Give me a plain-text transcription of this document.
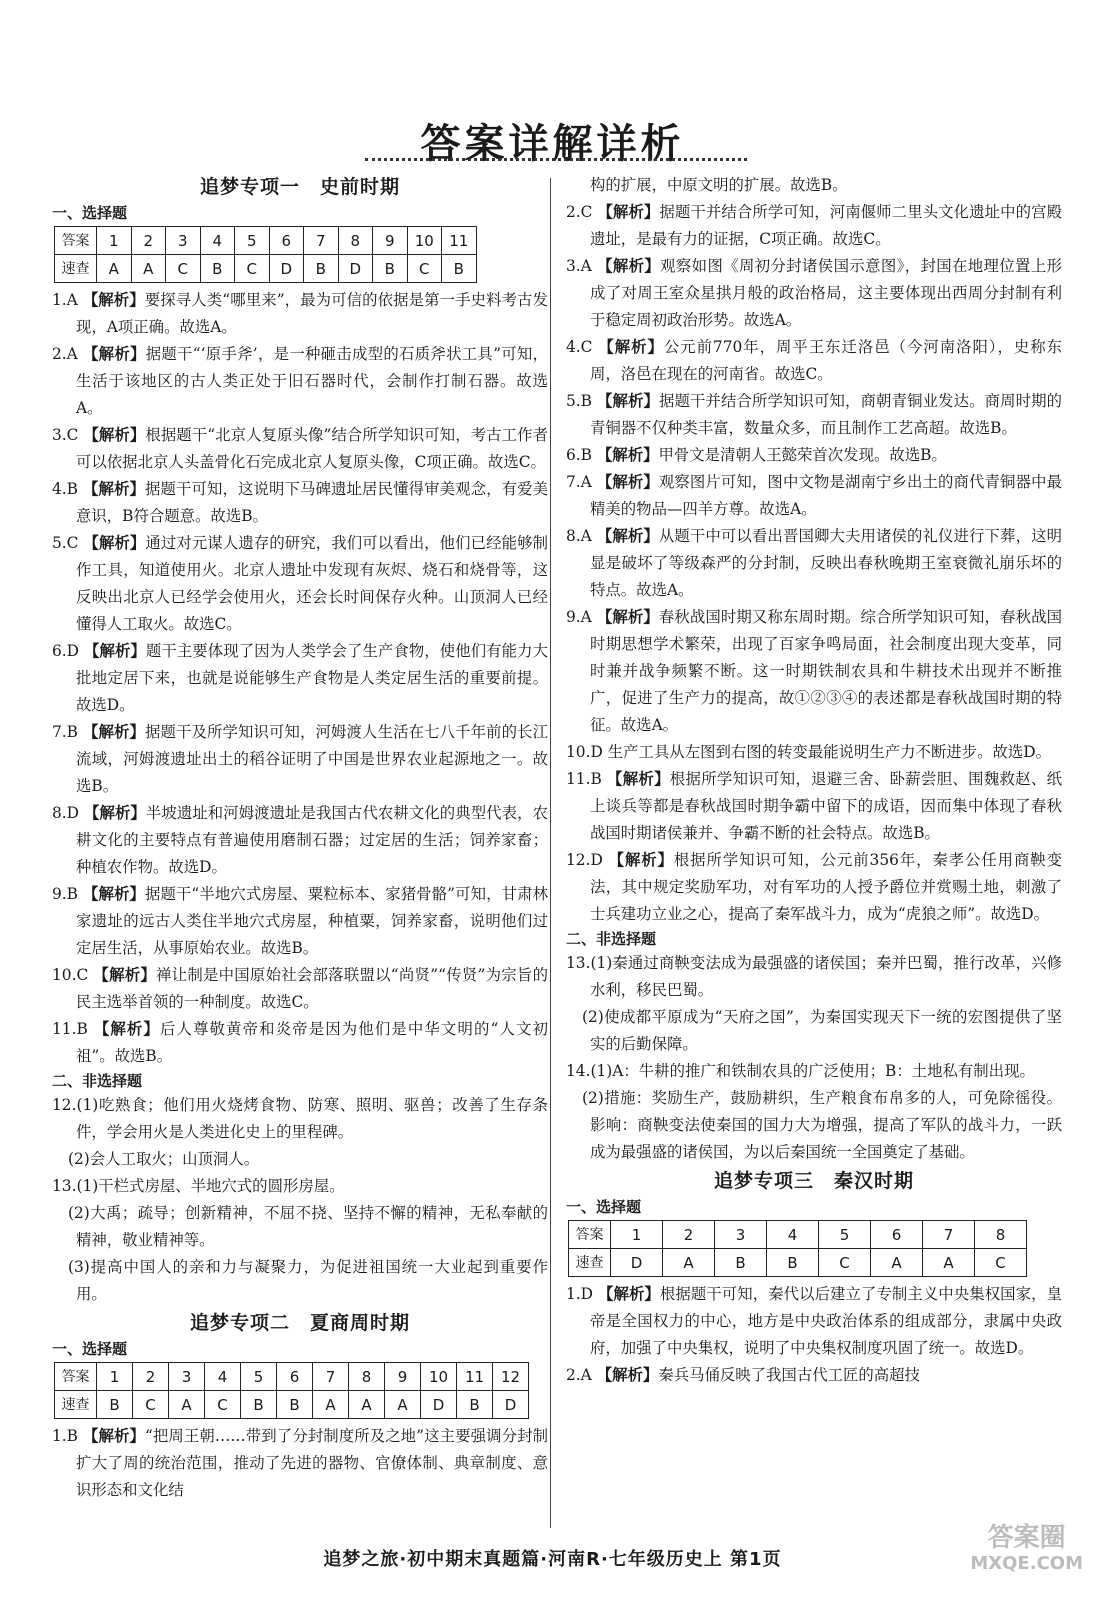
答案详解详析
追梦专项一　史前时期
一、选择题
答案	1	2	3	4	5	6	7	8	9	10	11
速查	A	A	C	B	C	D	B	D	B	C	B
1.A 【解析】要探寻人类“哪里来”，最为可信的依据是第一手史料考古发现，A项正确。故选A。
2.A 【解析】据题干“‘原手斧’，是一种砸击成型的石质斧状工具”可知，生活于该地区的古人类正处于旧石器时代，会制作打制石器。故选A。
3.C 【解析】根据题干“北京人复原头像”结合所学知识可知，考古工作者可以依据北京人头盖骨化石完成北京人复原头像，C项正确。故选C。
4.B 【解析】据题干可知，这说明下马碑遗址居民懂得审美观念，有爱美意识，B符合题意。故选B。
5.C 【解析】通过对元谋人遗存的研究，我们可以看出，他们已经能够制作工具，知道使用火。北京人遗址中发现有灰烬、烧石和烧骨等，这反映出北京人已经学会使用火，还会长时间保存火种。山顶洞人已经懂得人工取火。故选C。
6.D 【解析】题干主要体现了因为人类学会了生产食物，使他们有能力大批地定居下来，也就是说能够生产食物是人类定居生活的重要前提。故选D。
7.B 【解析】据题干及所学知识可知，河姆渡人生活在七八千年前的长江流域，河姆渡遗址出土的稻谷证明了中国是世界农业起源地之一。故选B。
8.D 【解析】半坡遗址和河姆渡遗址是我国古代农耕文化的典型代表，农耕文化的主要特点有普遍使用磨制石器；过定居的生活；饲养家畜；种植农作物。故选D。
9.B 【解析】据题干“半地穴式房屋、粟粒标本、家猪骨骼”可知，甘肃林家遗址的远古人类住半地穴式房屋，种植粟，饲养家畜，说明他们过定居生活，从事原始农业。故选B。
10.C 【解析】禅让制是中国原始社会部落联盟以“尚贤”“传贤”为宗旨的民主选举首领的一种制度。故选C。
11.B 【解析】后人尊敬黄帝和炎帝是因为他们是中华文明的“人文初祖”。故选B。
二、非选择题
12.(1)吃熟食；他们用火烧烤食物、防寒、照明、驱兽；改善了生存条件，学会用火是人类进化史上的里程碑。
(2)会人工取火；山顶洞人。
13.(1)干栏式房屋、半地穴式的圆形房屋。
(2)大禹；疏导；创新精神，不屈不挠、坚持不懈的精神，无私奉献的精神，敬业精神等。
(3)提高中国人的亲和力与凝聚力，为促进祖国统一大业起到重要作用。
追梦专项二　夏商周时期
一、选择题
答案	1	2	3	4	5	6	7	8	9	10	11	12
速查	B	C	A	C	B	B	A	A	A	D	B	D
1.B 【解析】“把周王朝……带到了分封制度所及之地”这主要强调分封制扩大了周的统治范围，推动了先进的器物、官僚体制、典章制度、意识形态和文化结
构的扩展，中原文明的扩展。故选B。
2.C 【解析】据题干并结合所学可知，河南偃师二里头文化遗址中的宫殿遗址，是最有力的证据，C项正确。故选C。
3.A 【解析】观察如图《周初分封诸侯国示意图》，封国在地理位置上形成了对周王室众星拱月般的政治格局，这主要体现出西周分封制有利于稳定周初政治形势。故选A。
4.C 【解析】公元前770年，周平王东迁洛邑（今河南洛阳），史称东周，洛邑在现在的河南省。故选C。
5.B 【解析】据题干并结合所学知识可知，商朝青铜业发达。商周时期的青铜器不仅种类丰富，数量众多，而且制作工艺高超。故选B。
6.B 【解析】甲骨文是清朝人王懿荣首次发现。故选B。
7.A 【解析】观察图片可知，图中文物是湖南宁乡出土的商代青铜器中最精美的物品—四羊方尊。故选A。
8.A 【解析】从题干中可以看出晋国卿大夫用诸侯的礼仪进行下葬，这明显是破坏了等级森严的分封制，反映出春秋晚期王室衰微礼崩乐坏的特点。故选A。
9.A 【解析】春秋战国时期又称东周时期。综合所学知识可知，春秋战国时期思想学术繁荣，出现了百家争鸣局面，社会制度出现大变革，同时兼并战争频繁不断。这一时期铁制农具和牛耕技术出现并不断推广，促进了生产力的提高，故①②③④的表述都是春秋战国时期的特征。故选A。
10.D 生产工具从左图到右图的转变最能说明生产力不断进步。故选D。
11.B 【解析】根据所学知识可知，退避三舍、卧薪尝胆、围魏救赵、纸上谈兵等都是春秋战国时期争霸中留下的成语，因而集中体现了春秋战国时期诸侯兼并、争霸不断的社会特点。故选B。
12.D 【解析】根据所学知识可知，公元前356年，秦孝公任用商鞅变法，其中规定奖励军功，对有军功的人授予爵位并赏赐土地，刺激了士兵建功立业之心，提高了秦军战斗力，成为“虎狼之师”。故选D。
二、非选择题
13.(1)秦通过商鞅变法成为最强盛的诸侯国；秦并巴蜀，推行改革，兴修水利，移民巴蜀。
(2)使成都平原成为“天府之国”，为秦国实现天下一统的宏图提供了坚实的后勤保障。
14.(1)A：牛耕的推广和铁制农具的广泛使用；B：土地私有制出现。
(2)措施：奖励生产，鼓励耕织，生产粮食布帛多的人，可免除徭役。影响：商鞅变法使秦国的国力大为增强，提高了军队的战斗力，一跃成为最强盛的诸侯国，为以后秦国统一全国奠定了基础。
追梦专项三　秦汉时期
一、选择题
答案	1	2	3	4	5	6	7	8
速查	D	A	B	B	C	A	A	C
1.D 【解析】根据题干可知，秦代以后建立了专制主义中央集权国家，皇帝是全国权力的中心，地方是中央政治体系的组成部分，隶属中央政府，加强了中央集权，说明了中央集权制度巩固了统一。故选D。
2.A 【解析】秦兵马俑反映了我国古代工匠的高超技
追梦之旅·初中期末真题篇·河南R·七年级历史上 第1页
答案圈
MXQE.COM
